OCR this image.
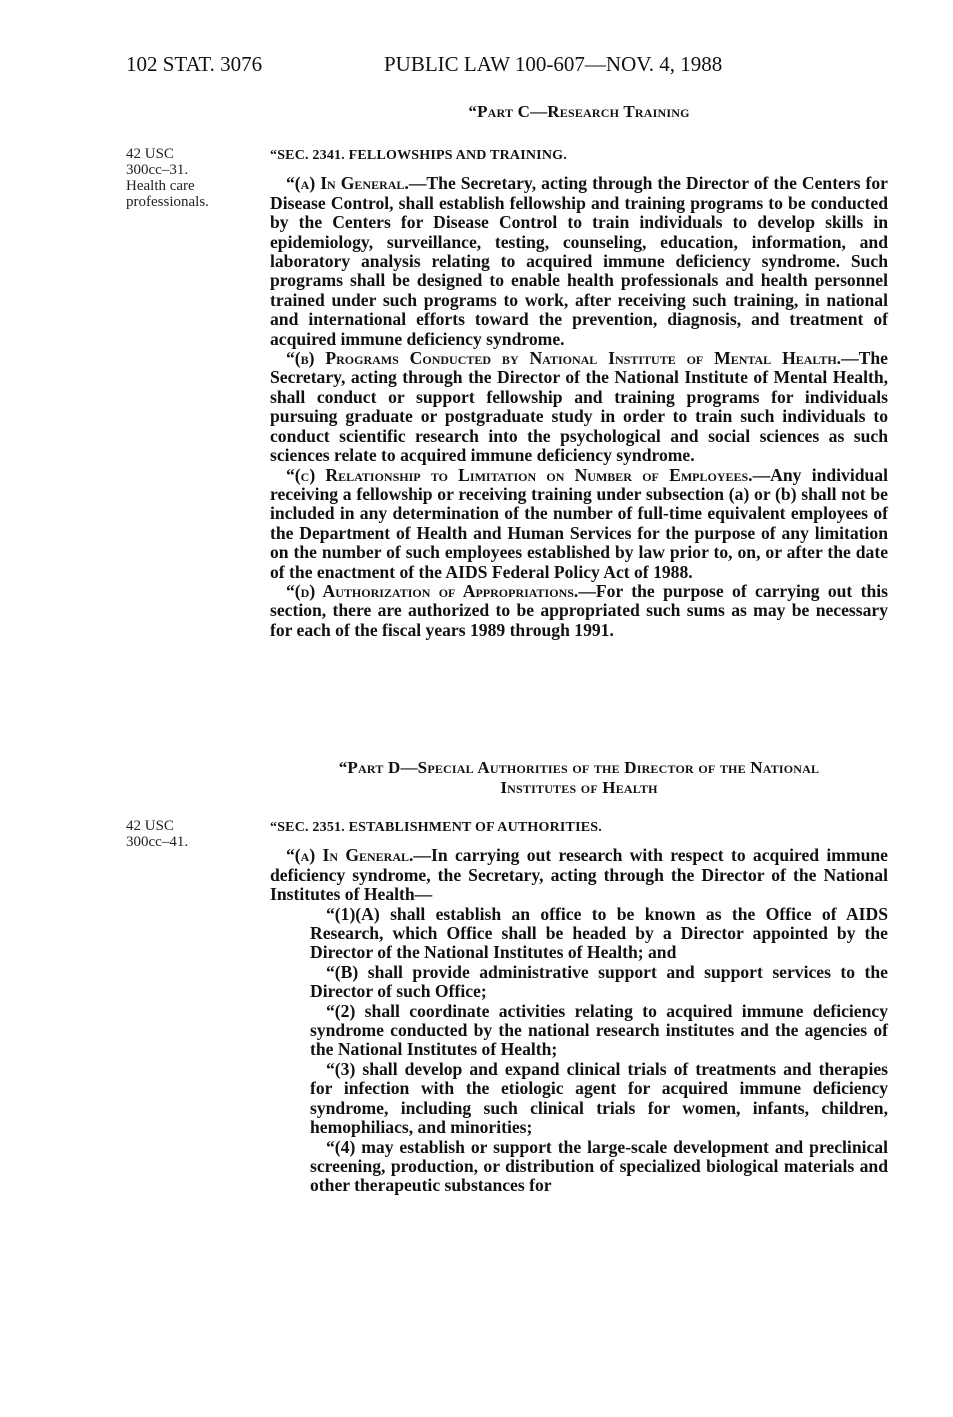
102 STAT. 3076	PUBLIC LAW 100-607—NOV. 4, 1988
“Part C—Research Training
42 USC
300cc–31.
Health care
professionals.

“SEC. 2341. FELLOWSHIPS AND TRAINING.

“(a) In General.—The Secretary, acting through the Director of the Centers for Disease Control, shall establish fellowship and training programs to be conducted by the Centers for Disease Control to train individuals to develop skills in epidemiology, surveillance, testing, counseling, education, information, and laboratory analysis relating to acquired immune deficiency syndrome. Such programs shall be designed to enable health professionals and health personnel trained under such programs to work, after receiving such training, in national and international efforts toward the prevention, diagnosis, and treatment of acquired immune deficiency syndrome.

“(b) Programs Conducted by National Institute of Mental Health.—The Secretary, acting through the Director of the National Institute of Mental Health, shall conduct or support fellowship and training programs for individuals pursuing graduate or postgraduate study in order to train such individuals to conduct scientific research into the psychological and social sciences as such sciences relate to acquired immune deficiency syndrome.

“(c) Relationship to Limitation on Number of Employees.—Any individual receiving a fellowship or receiving training under subsection (a) or (b) shall not be included in any determination of the number of full-time equivalent employees of the Department of Health and Human Services for the purpose of any limitation on the number of such employees established by law prior to, on, or after the date of the enactment of the AIDS Federal Policy Act of 1988.

“(d) Authorization of Appropriations.—For the purpose of carrying out this section, there are authorized to be appropriated such sums as may be necessary for each of the fiscal years 1989 through 1991.

“Part D—Special Authorities of the Director of the National
Institutes of Health
42 USC
300cc–41.

“SEC. 2351. ESTABLISHMENT OF AUTHORITIES.

“(a) In General.—In carrying out research with respect to acquired immune deficiency syndrome, the Secretary, acting through the Director of the National Institutes of Health—

“(1)(A) shall establish an office to be known as the Office of AIDS Research, which Office shall be headed by a Director appointed by the Director of the National Institutes of Health; and

“(B) shall provide administrative support and support services to the Director of such Office;

“(2) shall coordinate activities relating to acquired immune deficiency syndrome conducted by the national research institutes and the agencies of the National Institutes of Health;

“(3) shall develop and expand clinical trials of treatments and therapies for infection with the etiologic agent for acquired immune deficiency syndrome, including such clinical trials for women, infants, children, hemophiliacs, and minorities;

“(4) may establish or support the large-scale development and preclinical screening, production, or distribution of specialized biological materials and other therapeutic substances for
